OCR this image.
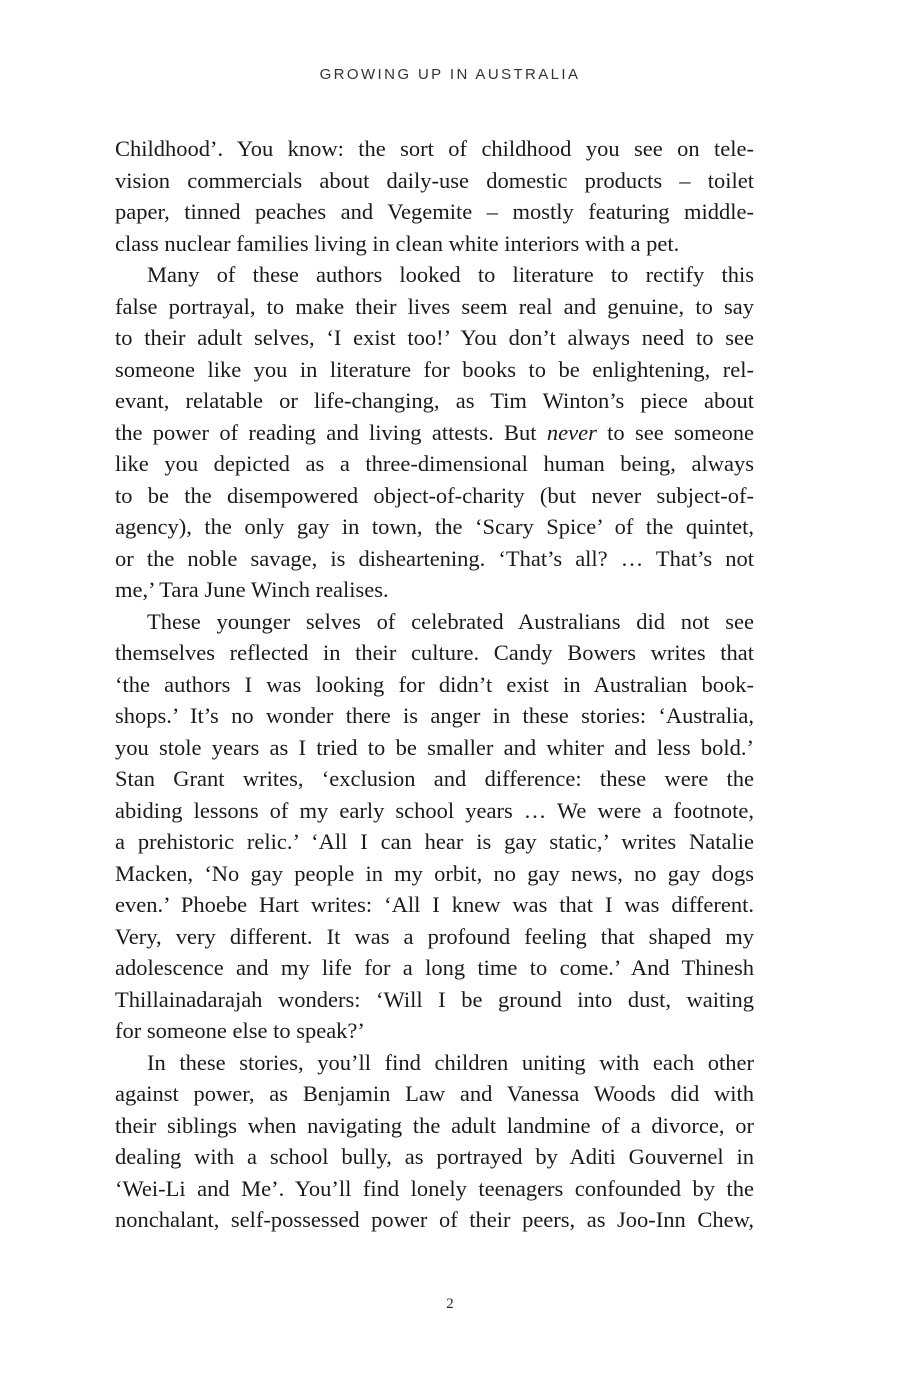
GROWING UP IN AUSTRALIA
Childhood’. You know: the sort of childhood you see on tele-
vision commercials about daily-use domestic products – toilet
paper, tinned peaches and Vegemite – mostly featuring middle-
class nuclear families living in clean white interiors with a pet.
Many of these authors looked to literature to rectify this
false portrayal, to make their lives seem real and genuine, to say
to their adult selves, ‘I exist too!’ You don’t always need to see
someone like you in literature for books to be enlightening, rel-
evant, relatable or life-changing, as Tim Winton’s piece about
the power of reading and living attests. But never to see someone
like you depicted as a three-dimensional human being, always
to be the disempowered object-of-charity (but never subject-of-
agency), the only gay in town, the ‘Scary Spice’ of the quintet,
or the noble savage, is disheartening. ‘That’s all? … That’s not
me,’ Tara June Winch realises.
These younger selves of celebrated Australians did not see
themselves reflected in their culture. Candy Bowers writes that
‘the authors I was looking for didn’t exist in Australian book-
shops.’ It’s no wonder there is anger in these stories: ‘Australia,
you stole years as I tried to be smaller and whiter and less bold.’
Stan Grant writes, ‘exclusion and difference: these were the
abiding lessons of my early school years … We were a footnote,
a prehistoric relic.’ ‘All I can hear is gay static,’ writes Natalie
Macken, ‘No gay people in my orbit, no gay news, no gay dogs
even.’ Phoebe Hart writes: ‘All I knew was that I was different.
Very, very different. It was a profound feeling that shaped my
adolescence and my life for a long time to come.’ And Thinesh
Thillainadarajah wonders: ‘Will I be ground into dust, waiting
for someone else to speak?’
In these stories, you’ll find children uniting with each other
against power, as Benjamin Law and Vanessa Woods did with
their siblings when navigating the adult landmine of a divorce, or
dealing with a school bully, as portrayed by Aditi Gouvernel in
‘Wei-Li and Me’. You’ll find lonely teenagers confounded by the
nonchalant, self-possessed power of their peers, as Joo-Inn Chew,
2
